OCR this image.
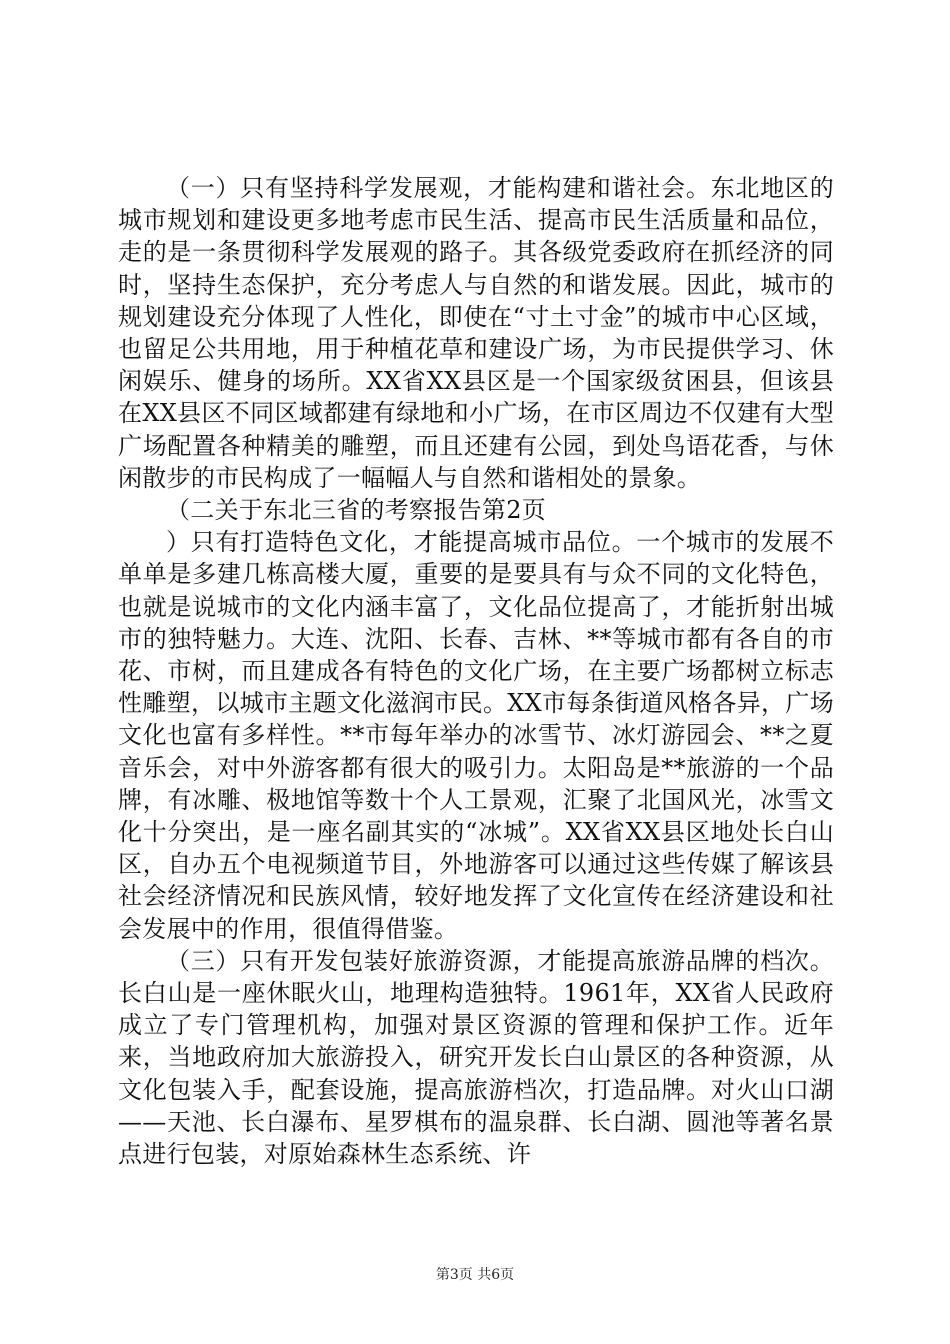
（一）只有坚持科学发展观，才能构建和谐社会。东北地区的城市规划和建设更多地考虑市民生活、提高市民生活质量和品位，走的是一条贯彻科学发展观的路子。其各级党委政府在抓经济的同时，坚持生态保护，充分考虑人与自然的和谐发展。因此，城市的规划建设充分体现了人性化，即使在“寸土寸金”的城市中心区域，也留足公共用地，用于种植花草和建设广场，为市民提供学习、休闲娱乐、健身的场所。XX省XX县区是一个国家级贫困县，但该县在XX县区不同区域都建有绿地和小广场，在市区周边不仅建有大型广场配置各种精美的雕塑，而且还建有公园，到处鸟语花香，与休闲散步的市民构成了一幅幅人与自然和谐相处的景象。

（二关于东北三省的考察报告第2页

）只有打造特色文化，才能提高城市品位。一个城市的发展不单单是多建几栋高楼大厦，重要的是要具有与众不同的文化特色，也就是说城市的文化内涵丰富了，文化品位提高了，才能折射出城市的独特魅力。大连、沈阳、长春、吉林、**等城市都有各自的市花、市树，而且建成各有特色的文化广场，在主要广场都树立标志性雕塑，以城市主题文化滋润市民。XX市每条街道风格各异，广场文化也富有多样性。**市每年举办的冰雪节、冰灯游园会、**之夏音乐会，对中外游客都有很大的吸引力。太阳岛是**旅游的一个品牌，有冰雕、极地馆等数十个人工景观，汇聚了北国风光，冰雪文化十分突出，是一座名副其实的“冰城”。XX省XX县区地处长白山区，自办五个电视频道节目，外地游客可以通过这些传媒了解该县社会经济情况和民族风情，较好地发挥了文化宣传在经济建设和社会发展中的作用，很值得借鉴。

（三）只有开发包装好旅游资源，才能提高旅游品牌的档次。长白山是一座休眠火山，地理构造独特。1961年，XX省人民政府成立了专门管理机构，加强对景区资源的管理和保护工作。近年来，当地政府加大旅游投入，研究开发长白山景区的各种资源，从文化包装入手，配套设施，提高旅游档次，打造品牌。对火山口湖——天池、长白瀑布、星罗棋布的温泉群、长白湖、圆池等著名景点进行包装，对原始森林生态系统、许

第3页 共6页
